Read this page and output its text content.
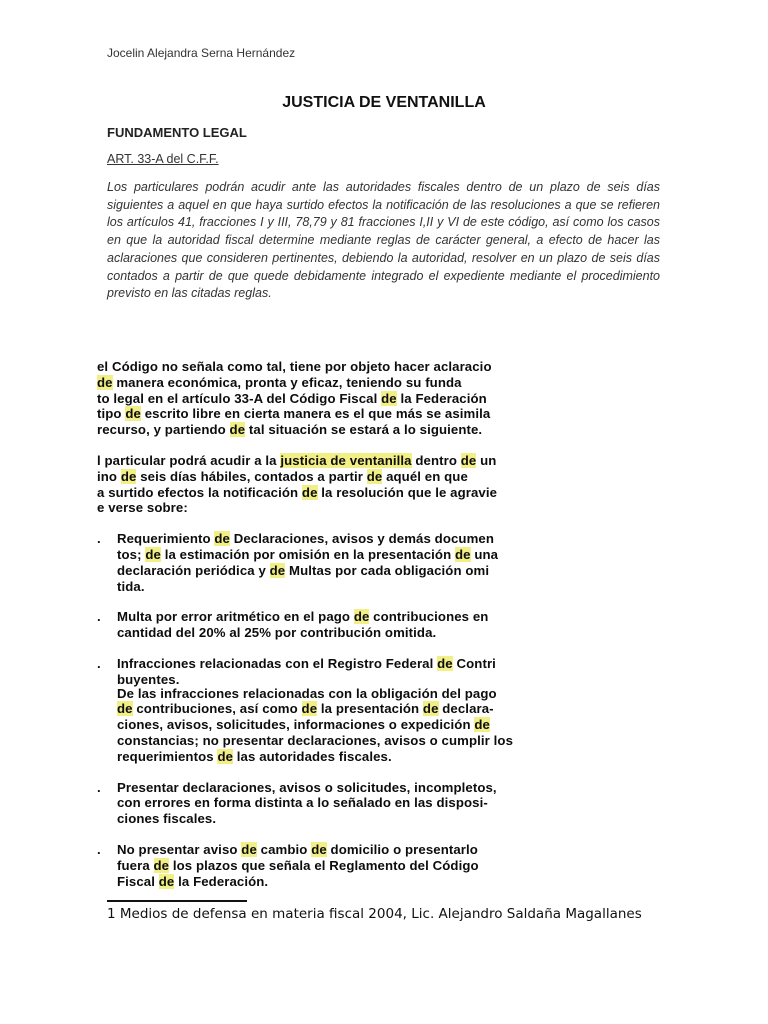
Jocelin Alejandra Serna Hernández
JUSTICIA DE VENTANILLA
FUNDAMENTO LEGAL
ART. 33-A del C.F.F.
Los particulares podrán acudir ante las autoridades fiscales dentro de un plazo de seis días siguientes a aquel en que haya surtido efectos la notificación de las resoluciones a que se refieren los artículos 41, fracciones I y III, 78,79 y 81 fracciones I,II y VI de este código, así como los casos en que la autoridad fiscal determine mediante reglas de carácter general, a efecto de hacer las aclaraciones que consideren pertinentes, debiendo la autoridad, resolver en un plazo de seis días contados a partir de que quede debidamente integrado el expediente mediante el procedimiento previsto en las citadas reglas.
el Código no señala como tal, tiene por objeto hacer aclaracio
de manera económica, pronta y eficaz, teniendo su funda
to legal en el artículo 33-A del Código Fiscal de la Federación
tipo de escrito libre en cierta manera es el que más se asimila
recurso, y partiendo de tal situación se estará a lo siguiente.
l particular podrá acudir a la justicia de ventanilla dentro de un
ino de seis días hábiles, contados a partir de aquél en que
a surtido efectos la notificación de la resolución que le agravie
e verse sobre:
. Requerimiento de Declaraciones, avisos y demás documen
tos; de la estimación por omisión en la presentación de una
declaración periódica y de Multas por cada obligación omi
tida.
. Multa por error aritmético en el pago de contribuciones en
cantidad del 20% al 25% por contribución omitida.
. Infracciones relacionadas con el Registro Federal de Contri
buyentes.
De las infracciones relacionadas con la obligación del pago
de contribuciones, así como de la presentación de declara-
ciones, avisos, solicitudes, informaciones o expedición de
constancias; no presentar declaraciones, avisos o cumplir los
requerimientos de las autoridades fiscales.
. Presentar declaraciones, avisos o solicitudes, incompletos,
con errores en forma distinta a lo señalado en las disposi-
ciones fiscales.
. No presentar aviso de cambio de domicilio o presentarlo
fuera de los plazos que señala el Reglamento del Código
Fiscal de la Federación.
1 Medios de defensa en materia fiscal 2004, Lic. Alejandro Saldaña Magallanes
